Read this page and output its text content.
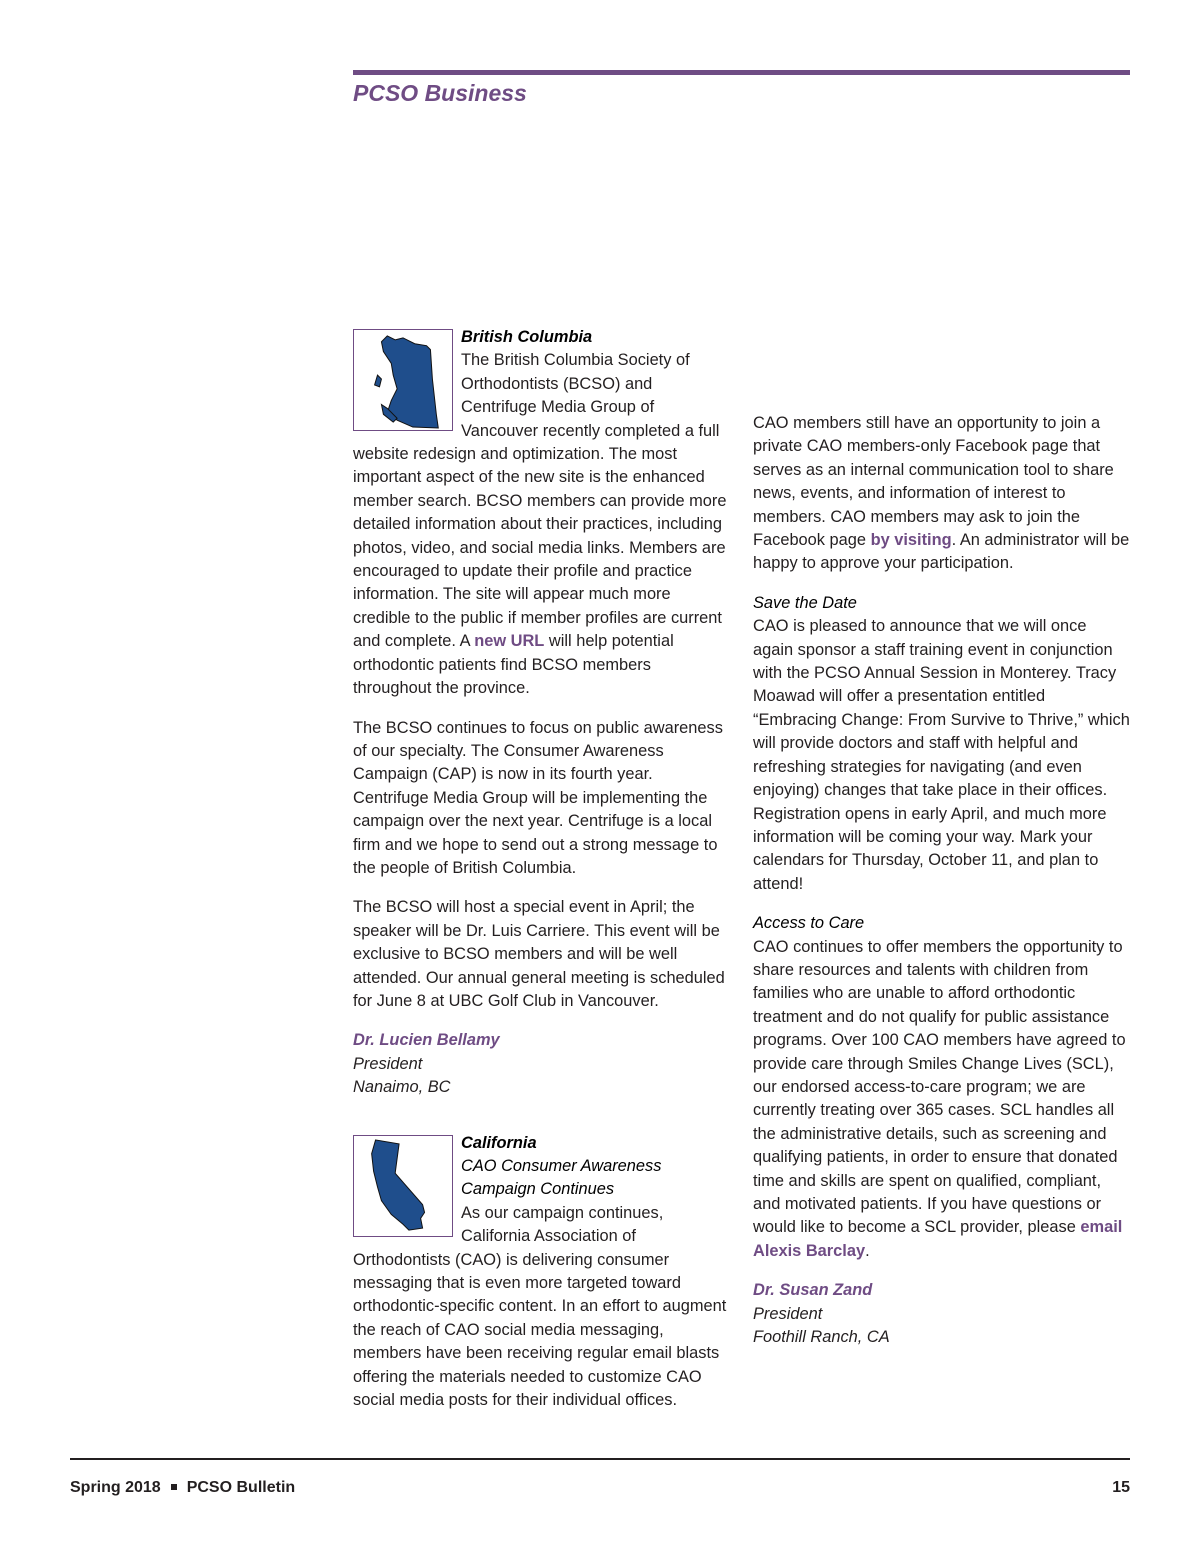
PCSO Business

British Columbia
The British Columbia Society of Orthodontists (BCSO) and Centrifuge Media Group of Vancouver recently completed a full website redesign and optimization. The most important aspect of the new site is the enhanced member search. BCSO members can provide more detailed information about their practices, including photos, video, and social media links. Members are encouraged to update their profile and practice information. The site will appear much more credible to the public if member profiles are current and complete. A new URL will help potential orthodontic patients find BCSO members throughout the province.

The BCSO continues to focus on public awareness of our specialty. The Consumer Awareness Campaign (CAP) is now in its fourth year. Centrifuge Media Group will be implementing the campaign over the next year. Centrifuge is a local firm and we hope to send out a strong message to the people of British Columbia.

The BCSO will host a special event in April; the speaker will be Dr. Luis Carriere. This event will be exclusive to BCSO members and will be well attended. Our annual general meeting is scheduled for June 8 at UBC Golf Club in Vancouver.

Dr. Lucien Bellamy
President
Nanaimo, BC

California
CAO Consumer Awareness
Campaign Continues
As our campaign continues, California Association of Orthodontists (CAO) is delivering consumer messaging that is even more targeted toward orthodontic-specific content. In an effort to augment the reach of CAO social media messaging, members have been receiving regular email blasts offering the materials needed to customize CAO social media posts for their individual offices.

CAO members still have an opportunity to join a private CAO members-only Facebook page that serves as an internal communication tool to share news, events, and information of interest to members. CAO members may ask to join the Facebook page by visiting. An administrator will be happy to approve your participation.

Save the Date
CAO is pleased to announce that we will once again sponsor a staff training event in conjunction with the PCSO Annual Session in Monterey. Tracy Moawad will offer a presentation entitled “Embracing Change: From Survive to Thrive,” which will provide doctors and staff with helpful and refreshing strategies for navigating (and even enjoying) changes that take place in their offices. Registration opens in early April, and much more information will be coming your way. Mark your calendars for Thursday, October 11, and plan to attend!

Access to Care
CAO continues to offer members the opportunity to share resources and talents with children from families who are unable to afford orthodontic treatment and do not qualify for public assistance programs. Over 100 CAO members have agreed to provide care through Smiles Change Lives (SCL), our endorsed access-to-care program; we are currently treating over 365 cases. SCL handles all the administrative details, such as screening and qualifying patients, in order to ensure that donated time and skills are spent on qualified, compliant, and motivated patients. If you have questions or would like to become a SCL provider, please email Alexis Barclay.

Dr. Susan Zand
President
Foothill Ranch, CA
Spring 2018 PCSO Bulletin	15
